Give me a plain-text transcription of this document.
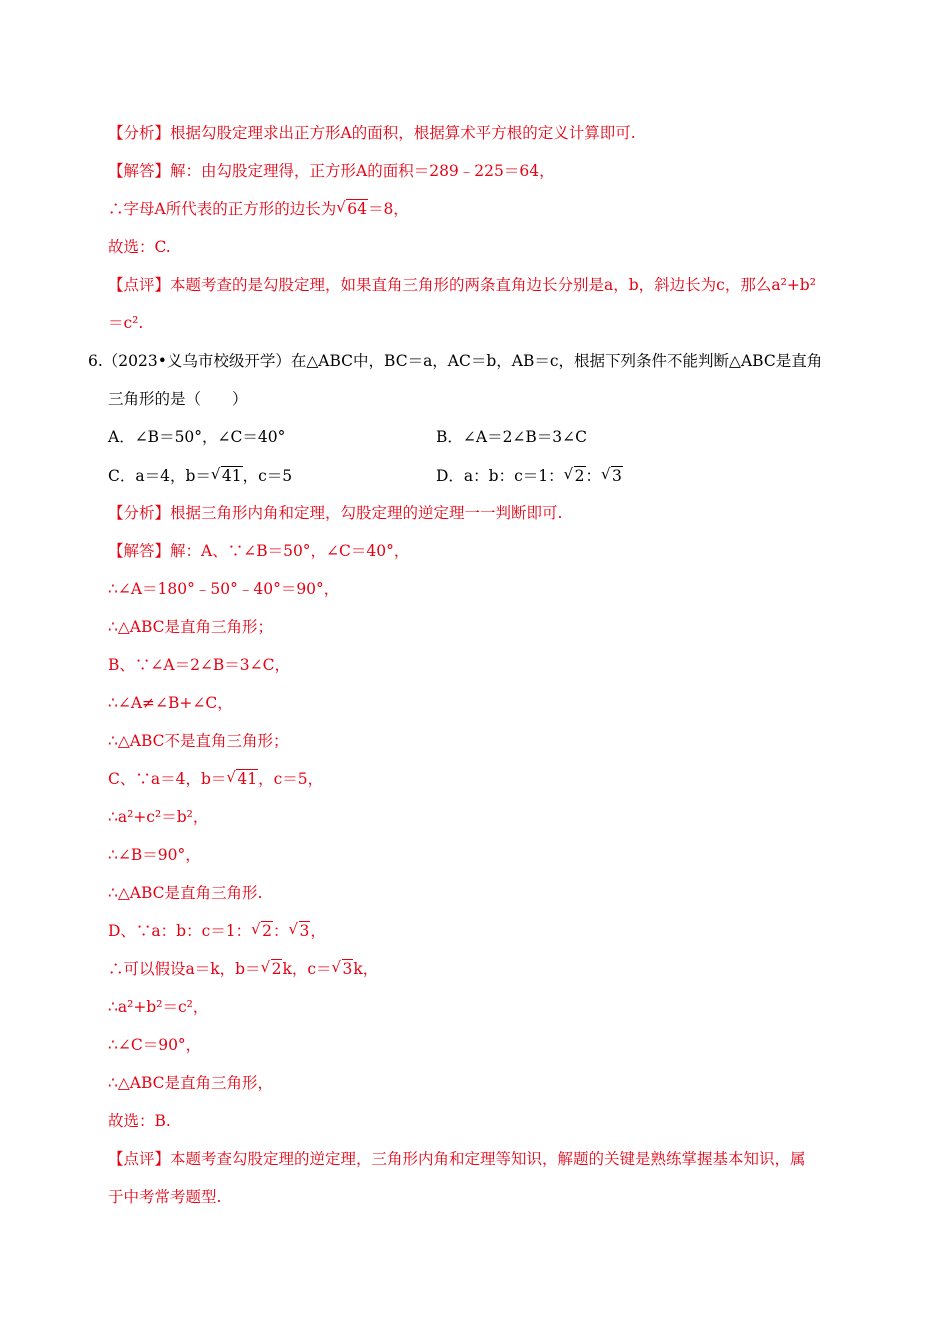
【分析】根据勾股定理求出正方形A的面积，根据算术平方根的定义计算即可.
【解答】解：由勾股定理得，正方形A的面积＝289﹣225＝64，
∴字母A所代表的正方形的边长为 √ 64＝8，
故选：C.
【点评】本题考查的是勾股定理，如果直角三角形的两条直角边长分别是a，b，斜边长为c，那么a²+b²
＝c².
6.（2023•义乌市校级开学）在△ABC中，BC＝a，AC＝b，AB＝c，根据下列条件不能判断△ABC是直角
三角形的是（　　）
A．∠B＝50°，∠C＝40°	B．∠A＝2∠B＝3∠C
C．a＝4，b＝ √ 41，c＝5	D．a：b：c＝1： √ 2： √ 3
【分析】根据三角形内角和定理，勾股定理的逆定理一一判断即可.
【解答】解：A、∵∠B＝50°，∠C＝40°，
∴∠A＝180°﹣50°﹣40°＝90°，
∴△ABC是直角三角形；
B、∵∠A＝2∠B＝3∠C，
∴∠A≠∠B+∠C，
∴△ABC不是直角三角形；
C、∵a＝4，b＝ √ 41，c＝5，
∴a²+c²＝b²，
∴∠B＝90°，
∴△ABC是直角三角形.
D、∵a：b：c＝1： √ 2： √ 3，
∴可以假设a＝k，b＝ √ 2k，c＝ √ 3k，
∴a²+b²＝c²，
∴∠C＝90°，
∴△ABC是直角三角形，
故选：B.
【点评】本题考查勾股定理的逆定理，三角形内角和定理等知识，解题的关键是熟练掌握基本知识，属
于中考常考题型.
